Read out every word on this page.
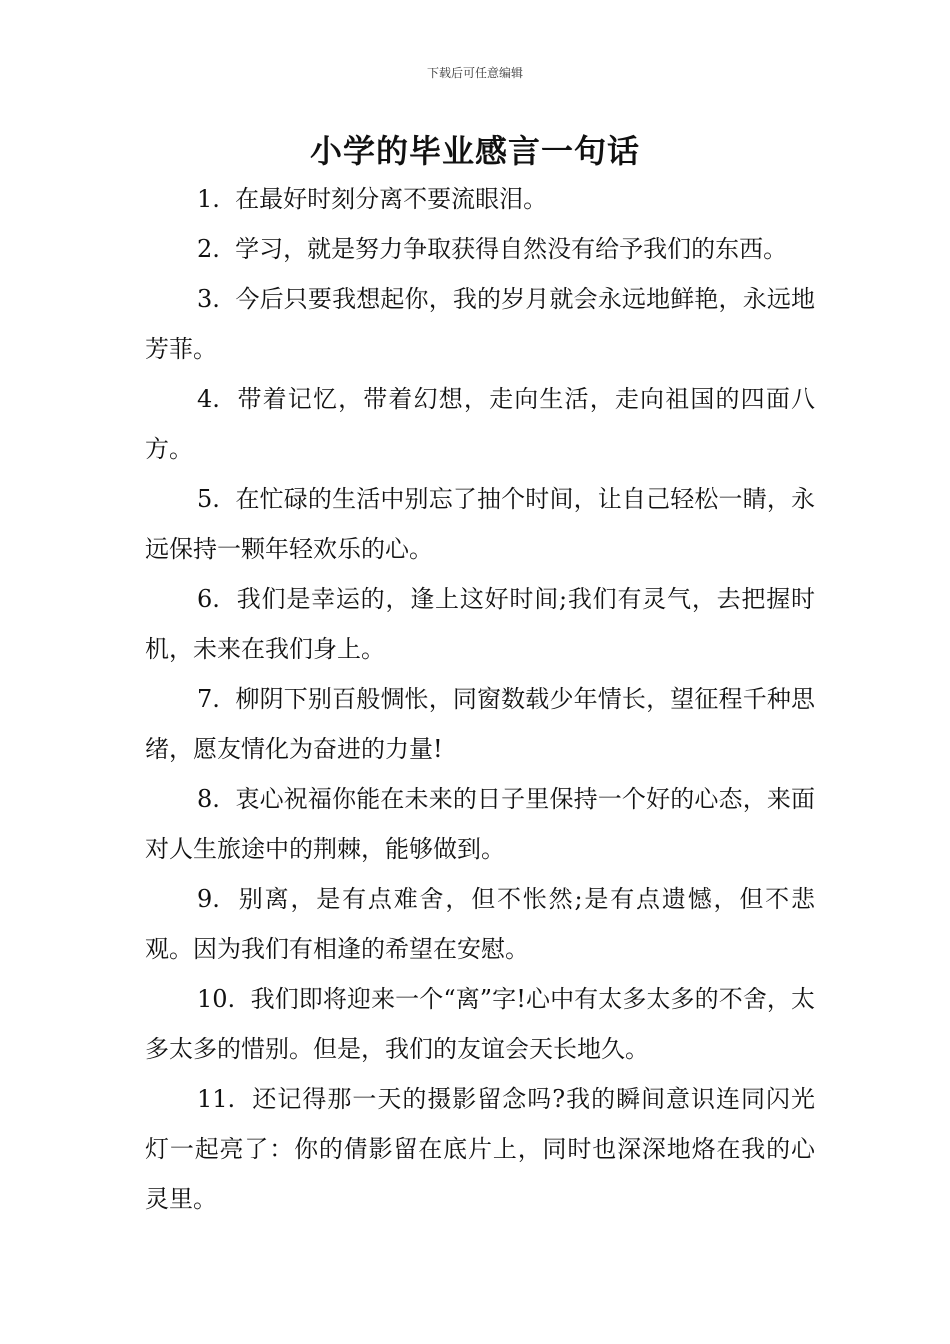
下载后可任意编辑
小学的毕业感言一句话
1.  在最好时刻分离不要流眼泪。
2.  学习，就是努力争取获得自然没有给予我们的东西。
3.  今后只要我想起你，我的岁月就会永远地鲜艳，永远地芳菲。
4.  带着记忆，带着幻想，走向生活，走向祖国的四面八方。
5.  在忙碌的生活中别忘了抽个时间，让自己轻松一睛，永远保持一颗年轻欢乐的心。
6.  我们是幸运的，逢上这好时间;我们有灵气，去把握时机，未来在我们身上。
7.  柳阴下别百般惆怅，同窗数载少年情长，望征程千种思绪，愿友情化为奋进的力量!
8.  衷心祝福你能在未来的日子里保持一个好的心态，来面对人生旅途中的荆棘，能够做到。
9.  别离，是有点难舍，但不怅然;是有点遗憾，但不悲观。因为我们有相逢的希望在安慰。
10.  我们即将迎来一个“离”字!心中有太多太多的不舍，太多太多的惜别。但是，我们的友谊会天长地久。
11.  还记得那一天的摄影留念吗?我的瞬间意识连同闪光灯一起亮了：你的倩影留在底片上，同时也深深地烙在我的心灵里。
